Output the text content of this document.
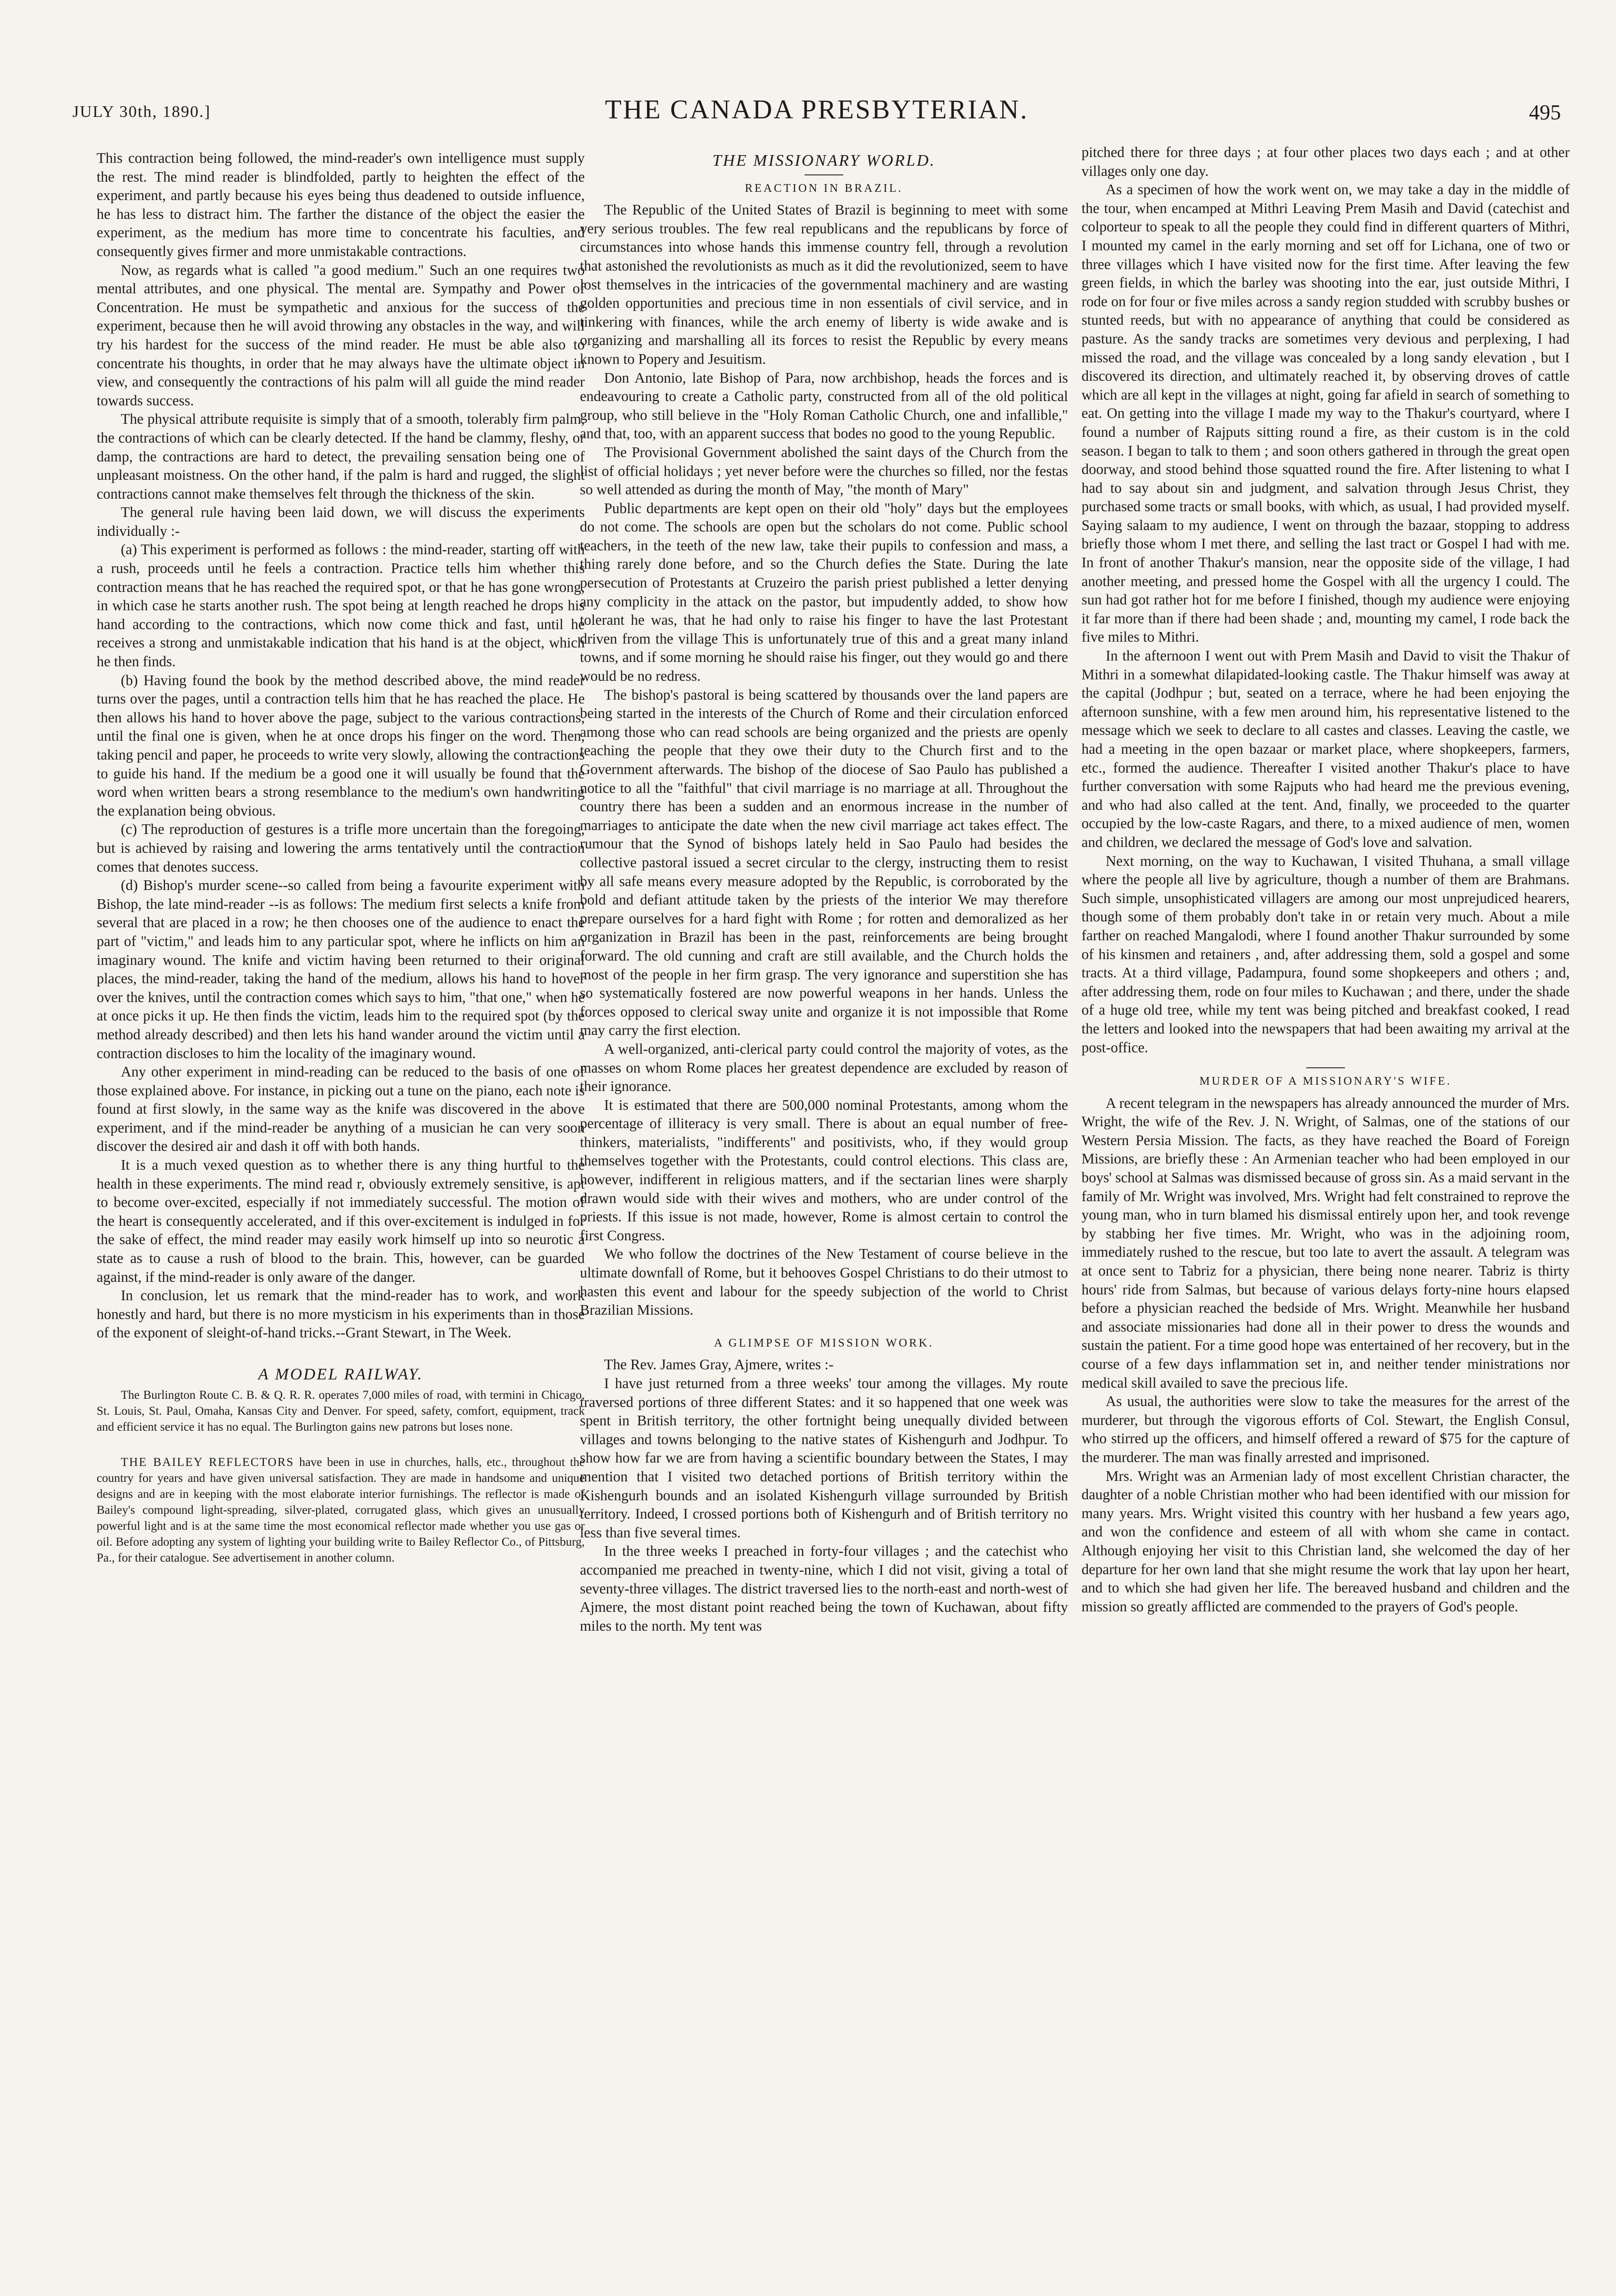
JULY 30th, 1890.]	THE CANADA PRESBYTERIAN.	495

This contraction being followed, the mind-reader's own intelligence must supply the rest. The mind reader is blindfolded, partly to heighten the effect of the experiment, and partly because his eyes being thus deadened to outside influence, he has less to distract him. The farther the distance of the object the easier the experiment, as the medium has more time to concentrate his faculties, and consequently gives firmer and more unmistakable contractions.

Now, as regards what is called "a good medium." Such an one requires two mental attributes, and one physical. The mental are. Sympathy and Power of Concentration. He must be sympathetic and anxious for the success of the experiment, because then he will avoid throwing any obstacles in the way, and will try his hardest for the success of the mind reader. He must be able also to concentrate his thoughts, in order that he may always have the ultimate object in view, and consequently the contractions of his palm will all guide the mind reader towards success.

The physical attribute requisite is simply that of a smooth, tolerably firm palm, the contractions of which can be clearly detected. If the hand be clammy, fleshy, or damp, the contractions are hard to detect, the prevailing sensation being one of unpleasant moistness. On the other hand, if the palm is hard and rugged, the slight contractions cannot make themselves felt through the thickness of the skin.

The general rule having been laid down, we will discuss the experiments individually :-

(a) This experiment is performed as follows : the mind-reader, starting off with a rush, proceeds until he feels a contraction. Practice tells him whether this contraction means that he has reached the required spot, or that he has gone wrong, in which case he starts another rush. The spot being at length reached he drops his hand according to the contractions, which now come thick and fast, until he receives a strong and unmistakable indication that his hand is at the object, which he then finds.

(b) Having found the book by the method described above, the mind reader turns over the pages, until a contraction tells him that he has reached the place. He then allows his hand to hover above the page, subject to the various contractions, until the final one is given, when he at once drops his finger on the word. Then, taking pencil and paper, he proceeds to write very slowly, allowing the contractions to guide his hand. If the medium be a good one it will usually be found that the word when written bears a strong resemblance to the medium's own handwriting the explanation being obvious.

(c) The reproduction of gestures is a trifle more uncertain than the foregoing, but is achieved by raising and lowering the arms tentatively until the contraction comes that denotes success.

(d) Bishop's murder scene--so called from being a favourite experiment with Bishop, the late mind-reader --is as follows: The medium first selects a knife from several that are placed in a row; he then chooses one of the audience to enact the part of "victim," and leads him to any particular spot, where he inflicts on him an imaginary wound. The knife and victim having been returned to their original places, the mind-reader, taking the hand of the medium, allows his hand to hover over the knives, until the contraction comes which says to him, "that one," when he at once picks it up. He then finds the victim, leads him to the required spot (by the method already described) and then lets his hand wander around the victim until a contraction discloses to him the locality of the imaginary wound.

Any other experiment in mind-reading can be reduced to the basis of one of those explained above. For instance, in picking out a tune on the piano, each note is found at first slowly, in the same way as the knife was discovered in the above experiment, and if the mind-reader be anything of a musician he can very soon discover the desired air and dash it off with both hands.

It is a much vexed question as to whether there is any thing hurtful to the health in these experiments. The mind read r, obviously extremely sensitive, is apt to become over-excited, especially if not immediately successful. The motion of the heart is consequently accelerated, and if this over-excitement is indulged in for the sake of effect, the mind reader may easily work himself up into so neurotic a state as to cause a rush of blood to the brain. This, however, can be guarded against, if the mind-reader is only aware of the danger.

In conclusion, let us remark that the mind-reader has to work, and work honestly and hard, but there is no more mysticism in his experiments than in those of the exponent of sleight-of-hand tricks.--Grant Stewart, in The Week.

A MODEL RAILWAY.

The Burlington Route C. B. & Q. R. R. operates 7,000 miles of road, with termini in Chicago, St. Louis, St. Paul, Omaha, Kansas City and Denver. For speed, safety, comfort, equipment, track and efficient service it has no equal. The Burlington gains new patrons but loses none.

THE BAILEY REFLECTORS have been in use in churches, halls, etc., throughout the country for years and have given universal satisfaction. They are made in handsome and unique designs and are in keeping with the most elaborate interior furnishings. The reflector is made of Bailey's compound light-spreading, silver-plated, corrugated glass, which gives an unusually powerful light and is at the same time the most economical reflector made whether you use gas or oil. Before adopting any system of lighting your building write to Bailey Reflector Co., of Pittsburg, Pa., for their catalogue. See advertisement in another column.

THE MISSIONARY WORLD.
REACTION IN BRAZIL.

The Republic of the United States of Brazil is beginning to meet with some very serious troubles. The few real republicans and the republicans by force of circumstances into whose hands this immense country fell, through a revolution that astonished the revolutionists as much as it did the revolutionized, seem to have lost themselves in the intricacies of the governmental machinery and are wasting golden opportunities and precious time in non essentials of civil service, and in tinkering with finances, while the arch enemy of liberty is wide awake and is organizing and marshalling all its forces to resist the Republic by every means known to Popery and Jesuitism.

Don Antonio, late Bishop of Para, now archbishop, heads the forces and is endeavouring to create a Catholic party, constructed from all of the old political group, who still believe in the "Holy Roman Catholic Church, one and infallible," and that, too, with an apparent success that bodes no good to the young Republic.

The Provisional Government abolished the saint days of the Church from the list of official holidays ; yet never before were the churches so filled, nor the festas so well attended as during the month of May, "the month of Mary"

Public departments are kept open on their old "holy" days but the employees do not come. The schools are open but the scholars do not come. Public school teachers, in the teeth of the new law, take their pupils to confession and mass, a thing rarely done before, and so the Church defies the State. During the late persecution of Protestants at Cruzeiro the parish priest published a letter denying any complicity in the attack on the pastor, but impudently added, to show how tolerant he was, that he had only to raise his finger to have the last Protestant driven from the village This is unfortunately true of this and a great many inland towns, and if some morning he should raise his finger, out they would go and there would be no redress.

The bishop's pastoral is being scattered by thousands over the land papers are being started in the interests of the Church of Rome and their circulation enforced among those who can read schools are being organized and the priests are openly teaching the people that they owe their duty to the Church first and to the Government afterwards. The bishop of the diocese of Sao Paulo has published a notice to all the "faithful" that civil marriage is no marriage at all. Throughout the country there has been a sudden and an enormous increase in the number of marriages to anticipate the date when the new civil marriage act takes effect. The rumour that the Synod of bishops lately held in Sao Paulo had besides the collective pastoral issued a secret circular to the clergy, instructing them to resist by all safe means every measure adopted by the Republic, is corroborated by the bold and defiant attitude taken by the priests of the interior We may therefore prepare ourselves for a hard fight with Rome ; for rotten and demoralized as her organization in Brazil has been in the past, reinforcements are being brought forward. The old cunning and craft are still available, and the Church holds the most of the people in her firm grasp. The very ignorance and superstition she has so systematically fostered are now powerful weapons in her hands. Unless the forces opposed to clerical sway unite and organize it is not impossible that Rome may carry the first election.

A well-organized, anti-clerical party could control the majority of votes, as the masses on whom Rome places her greatest dependence are excluded by reason of their ignorance.

It is estimated that there are 500,000 nominal Protestants, among whom the percentage of illiteracy is very small. There is about an equal number of free-thinkers, materialists, "indifferents" and positivists, who, if they would group themselves together with the Protestants, could control elections. This class are, however, indifferent in religious matters, and if the sectarian lines were sharply drawn would side with their wives and mothers, who are under control of the priests. If this issue is not made, however, Rome is almost certain to control the first Congress.

We who follow the doctrines of the New Testament of course believe in the ultimate downfall of Rome, but it behooves Gospel Christians to do their utmost to hasten this event and labour for the speedy subjection of the world to Christ Brazilian Missions.

A GLIMPSE OF MISSION WORK.

The Rev. James Gray, Ajmere, writes :-

I have just returned from a three weeks' tour among the villages. My route traversed portions of three different States: and it so happened that one week was spent in British territory, the other fortnight being unequally divided between villages and towns belonging to the native states of Kishengurh and Jodhpur. To show how far we are from having a scientific boundary between the States, I may mention that I visited two detached portions of British territory within the Kishengurh bounds and an isolated Kishengurh village surrounded by British territory. Indeed, I crossed portions both of Kishengurh and of British territory no less than five several times.

In the three weeks I preached in forty-four villages ; and the catechist who accompanied me preached in twenty-nine, which I did not visit, giving a total of seventy-three villages. The district traversed lies to the north-east and north-west of Ajmere, the most distant point reached being the town of Kuchawan, about fifty miles to the north. My tent was

pitched there for three days ; at four other places two days each ; and at other villages only one day.

As a specimen of how the work went on, we may take a day in the middle of the tour, when encamped at Mithri Leaving Prem Masih and David (catechist and colporteur to speak to all the people they could find in different quarters of Mithri, I mounted my camel in the early morning and set off for Lichana, one of two or three villages which I have visited now for the first time. After leaving the few green fields, in which the barley was shooting into the ear, just outside Mithri, I rode on for four or five miles across a sandy region studded with scrubby bushes or stunted reeds, but with no appearance of anything that could be considered as pasture. As the sandy tracks are sometimes very devious and perplexing, I had missed the road, and the village was concealed by a long sandy elevation , but I discovered its direction, and ultimately reached it, by observing droves of cattle which are all kept in the villages at night, going far afield in search of something to eat. On getting into the village I made my way to the Thakur's courtyard, where I found a number of Rajputs sitting round a fire, as their custom is in the cold season. I began to talk to them ; and soon others gathered in through the great open doorway, and stood behind those squatted round the fire. After listening to what I had to say about sin and judgment, and salvation through Jesus Christ, they purchased some tracts or small books, with which, as usual, I had provided myself. Saying salaam to my audience, I went on through the bazaar, stopping to address briefly those whom I met there, and selling the last tract or Gospel I had with me. In front of another Thakur's mansion, near the opposite side of the village, I had another meeting, and pressed home the Gospel with all the urgency I could. The sun had got rather hot for me before I finished, though my audience were enjoying it far more than if there had been shade ; and, mounting my camel, I rode back the five miles to Mithri.

In the afternoon I went out with Prem Masih and David to visit the Thakur of Mithri in a somewhat dilapidated-looking castle. The Thakur himself was away at the capital (Jodhpur ; but, seated on a terrace, where he had been enjoying the afternoon sunshine, with a few men around him, his representative listened to the message which we seek to declare to all castes and classes. Leaving the castle, we had a meeting in the open bazaar or market place, where shopkeepers, farmers, etc., formed the audience. Thereafter I visited another Thakur's place to have further conversation with some Rajputs who had heard me the previous evening, and who had also called at the tent. And, finally, we proceeded to the quarter occupied by the low-caste Ragars, and there, to a mixed audience of men, women and children, we declared the message of God's love and salvation.

Next morning, on the way to Kuchawan, I visited Thuhana, a small village where the people all live by agriculture, though a number of them are Brahmans. Such simple, unsophisticated villagers are among our most unprejudiced hearers, though some of them probably don't take in or retain very much. About a mile farther on reached Mangalodi, where I found another Thakur surrounded by some of his kinsmen and retainers , and, after addressing them, sold a gospel and some tracts. At a third village, Padampura, found some shopkeepers and others ; and, after addressing them, rode on four miles to Kuchawan ; and there, under the shade of a huge old tree, while my tent was being pitched and breakfast cooked, I read the letters and looked into the newspapers that had been awaiting my arrival at the post-office.

MURDER OF A MISSIONARY'S WIFE.

A recent telegram in the newspapers has already announced the murder of Mrs. Wright, the wife of the Rev. J. N. Wright, of Salmas, one of the stations of our Western Persia Mission. The facts, as they have reached the Board of Foreign Missions, are briefly these : An Armenian teacher who had been employed in our boys' school at Salmas was dismissed because of gross sin. As a maid servant in the family of Mr. Wright was involved, Mrs. Wright had felt constrained to reprove the young man, who in turn blamed his dismissal entirely upon her, and took revenge by stabbing her five times. Mr. Wright, who was in the adjoining room, immediately rushed to the rescue, but too late to avert the assault. A telegram was at once sent to Tabriz for a physician, there being none nearer. Tabriz is thirty hours' ride from Salmas, but because of various delays forty-nine hours elapsed before a physician reached the bedside of Mrs. Wright. Meanwhile her husband and associate missionaries had done all in their power to dress the wounds and sustain the patient. For a time good hope was entertained of her recovery, but in the course of a few days inflammation set in, and neither tender ministrations nor medical skill availed to save the precious life.

As usual, the authorities were slow to take the measures for the arrest of the murderer, but through the vigorous efforts of Col. Stewart, the English Consul, who stirred up the officers, and himself offered a reward of $75 for the capture of the murderer. The man was finally arrested and imprisoned.

Mrs. Wright was an Armenian lady of most excellent Christian character, the daughter of a noble Christian mother who had been identified with our mission for many years. Mrs. Wright visited this country with her husband a few years ago, and won the confidence and esteem of all with whom she came in contact. Although enjoying her visit to this Christian land, she welcomed the day of her departure for her own land that she might resume the work that lay upon her heart, and to which she had given her life. The bereaved husband and children and the mission so greatly afflicted are commended to the prayers of God's people.
